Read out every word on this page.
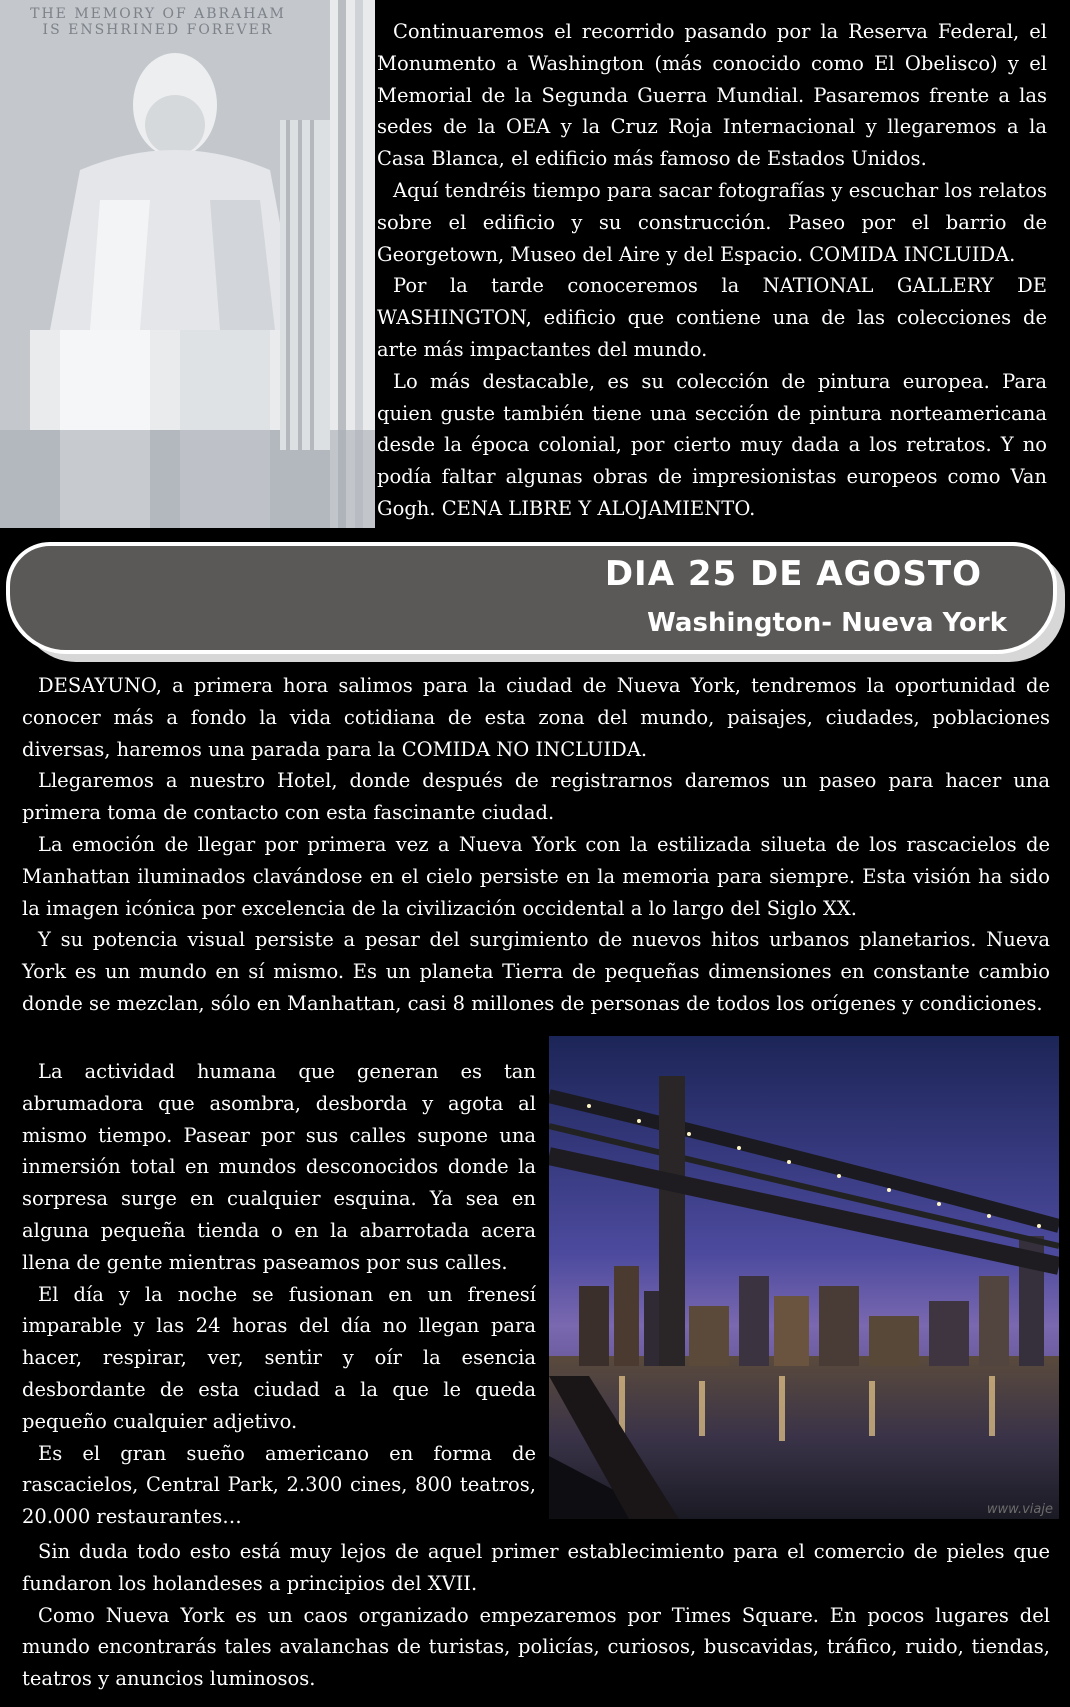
THE MEMORY OF ABRAHAM
IS ENSHRINED FOREVER	Continuaremos el recorrido pasando por la Reserva Federal, el Monumento a Washington (más conocido como El Obelisco) y el Memorial de la Segunda Guerra Mundial. Pasaremos frente a las sedes de la OEA y la Cruz Roja Internacional y llegaremos a la Casa Blanca, el edificio más famoso de Estados Unidos.

Aquí tendréis tiempo para sacar fotografías y escuchar los relatos sobre el edificio y su construcción. Paseo por el barrio de Georgetown, Museo del Aire y del Espacio. COMIDA INCLUIDA.

Por la tarde conoceremos la NATIONAL GALLERY DE WASHINGTON, edificio que contiene una de las colecciones de arte más impactantes del mundo.

Lo más destacable, es su colección de pintura europea. Para quien guste también tiene una sección de pintura norteamericana desde la época colonial, por cierto muy dada a los retratos. Y no podía faltar algunas obras de impresionistas europeos como Van Gogh. CENA LIBRE Y ALOJAMIENTO.

DIA 25 DE AGOSTO
Washington- Nueva York

DESAYUNO, a primera hora salimos para la ciudad de Nueva York, tendremos la oportunidad de conocer más a fondo la vida cotidiana de esta zona del mundo, paisajes, ciudades, poblaciones diversas, haremos una parada para la COMIDA NO INCLUIDA.

Llegaremos a nuestro Hotel, donde después de registrarnos daremos un paseo para hacer una primera toma de contacto con esta fascinante ciudad.

La emoción de llegar por primera vez a Nueva York con la estilizada silueta de los rascacielos de Manhattan iluminados clavándose en el cielo persiste en la memoria para siempre. Esta visión ha sido la imagen icónica por excelencia de la civilización occidental a lo largo del Siglo XX.

Y su potencia visual persiste a pesar del surgimiento de nuevos hitos urbanos planetarios. Nueva York es un mundo en sí mismo. Es un planeta Tierra de pequeñas dimensiones en constante cambio donde se mezclan, sólo en Manhattan, casi 8 millones de personas de todos los orígenes y condiciones.

La actividad humana que generan es tan abrumadora que asombra, desborda y agota al mismo tiempo. Pasear por sus calles supone una inmersión total en mundos desconocidos donde la sorpresa surge en cualquier esquina. Ya sea en alguna pequeña tienda o en la abarrotada acera llena de gente mientras paseamos por sus calles.

El día y la noche se fusionan en un frenesí imparable y las 24 horas del día no llegan para hacer, respirar, ver, sentir y oír la esencia desbordante de esta ciudad a la que le queda pequeño cualquier adjetivo.

Es el gran sueño americano en forma de rascacielos, Central Park, 2.300 cines, 800 teatros, 20.000 restaurantes…	www.viaje

Sin duda todo esto está muy lejos de aquel primer establecimiento para el comercio de pieles que fundaron los holandeses a principios del XVII.

Como Nueva York es un caos organizado empezaremos por Times Square. En pocos lugares del mundo encontrarás tales avalanchas de turistas, policías, curiosos, buscavidas, tráfico, ruido, tiendas, teatros y anuncios luminosos.
